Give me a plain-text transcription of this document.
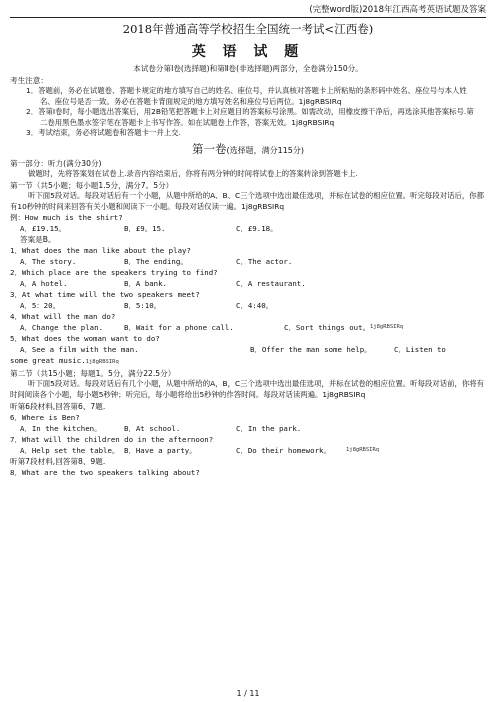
(完整word版)2018年江西高考英语试题及答案
2018年普通高等学校招生全国统一考试<江西卷)
英 语 试 题
本试卷分第Ⅰ卷(选择题)和第Ⅱ卷(非选择题)两部分，全卷满分150分。
考生注意：
1．答题前，务必在试题卷、答题卡规定的地方填写自己的姓名、座位号，并认真核对答题卡上所粘贴的条形码中姓名、座位号与本人姓名、座位号是否一致。务必在答题卡背面规定的地方填写姓名和座位号后两位。1j8gRBSIRq
2．答第Ⅰ卷时，每小题选出答案后，用2B铅笔把答题卡上对应题目的答案标号涂黑。如需改动，用橡皮擦干净后，再选涂其他答案标号.第二卷用黑色墨水签字笔在答题卡上书写作答。如在试题卷上作答，答案无效。1j8gRBSIRq
3．考试结束，务必将试题卷和答题卡一并上交.
第一卷(选择题，满分115分)
第一部分：听力(满分30分)
做题时，先将答案划在试卷上.录音内容结束后，你将有两分钟的时间将试卷上的答案转涂到答题卡上.
第一节（共5小题；每小题1.5分，满分7。5分）
听下面5段对话。每段对话后有一个小题，从题中所给的A、B、C三个选项中选出最佳选项，并标在试卷的相应位置。听完每段对话后，你都有10秒钟的时间来回答有关小题和阅读下一小题。每段对话仅读一遍。1j8gRBSIRq
例：How much is the shirt?
A．£19.15。	B．£9。15.	C．£9.18。
答案是B。
1．What does the man like about the play?
A．The story.	B．The ending。	C．The actor.
2．Which place are the speakers trying to find?
A．A hotel.	B．A bank.	C．A restaurant.
3．At what time will the two speakers meet?
A．5：20。	B．5:10。	C．4:40。
4．What will the man do?
A．Change the plan.	B．Wait for a phone call.	C．Sort things out。 1j8gRBSIRq
5．What does the woman want to do?
A．See a film with the man.	B．Offer the man some help。	C．Listen to
some great music.1j8gRBSIRq
第二节（共15小题；每题1。5分，满分22.5分）
听下面5段对话。每段对话后有几个小题，从题中所给的A，B，C三个选项中选出最佳选项，并标在试卷的相应位置。听每段对话前，你将有时间阅读各个小题，每小题5秒钟；听完后，每小题将给出5秒钟的作答时间。每段对话读两遍。1j8gRBSIRq
听第6段材料,回答第6、7题.
6．Where is Ben?
A．In the kitchen。	B．At school.	C．In the park.
7．What will the children do in the afternoon?
A．Help set the table。 B．Have a party。	C．Do their homework。	1j8gRBSIRq
听第7段材料,回答第8、9题.
8．What are the two speakers talking about?
1 / 11
